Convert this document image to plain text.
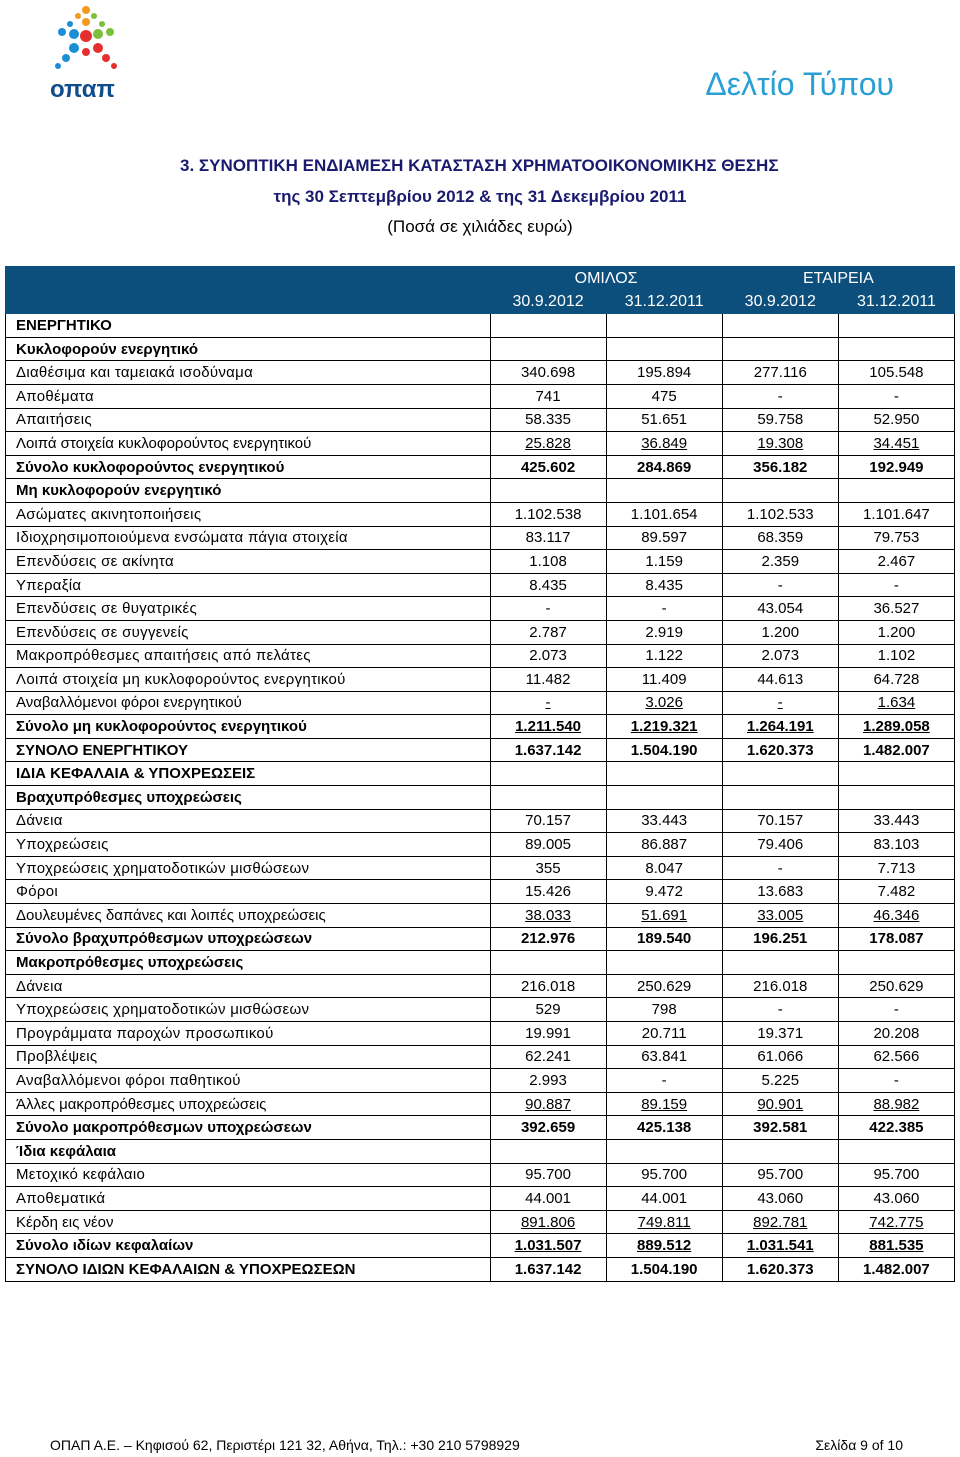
οπαπ	Δελτίο Τύπου
3. ΣΥΝΟΠΤΙΚΗ ΕΝΔΙΑΜΕΣΗ ΚΑΤΑΣΤΑΣΗ ΧΡΗΜΑΤΟΟΙΚΟΝΟΜΙΚΗΣ ΘΕΣΗΣ
της 30 Σεπτεμβρίου 2012 & της 31 Δεκεμβρίου 2011
(Ποσά σε χιλιάδες ευρώ)
	ΟΜΙΛΟΣ		ΕΤΑΙΡΕΙΑ	
	30.9.2012	31.12.2011	30.9.2012	31.12.2011
ΕΝΕΡΓΗΤΙΚΟ				
Κυκλοφορούν ενεργητικό				
Διαθέσιμα και ταμειακά ισοδύναμα	340.698	195.894	277.116	105.548
Αποθέματα	741	475	-	-
Απαιτήσεις	58.335	51.651	59.758	52.950
Λοιπά στοιχεία κυκλοφορούντος ενεργητικού	25.828	36.849	19.308	34.451
Σύνολο κυκλοφορούντος ενεργητικού	425.602	284.869	356.182	192.949
Μη κυκλοφορούν ενεργητικό				
Ασώματες ακινητοποιήσεις	1.102.538	1.101.654	1.102.533	1.101.647
Ιδιοχρησιμοποιούμενα ενσώματα πάγια στοιχεία	83.117	89.597	68.359	79.753
Επενδύσεις σε ακίνητα	1.108	1.159	2.359	2.467
Υπεραξία	8.435	8.435	-	-
Επενδύσεις σε θυγατρικές	-	-	43.054	36.527
Επενδύσεις σε συγγενείς	2.787	2.919	1.200	1.200
Μακροπρόθεσμες απαιτήσεις από πελάτες	2.073	1.122	2.073	1.102
Λοιπά στοιχεία μη κυκλοφορούντος ενεργητικού	11.482	11.409	44.613	64.728
Αναβαλλόμενοι φόροι ενεργητικού	-	3.026	-	1.634
Σύνολο μη κυκλοφορούντος ενεργητικού	1.211.540	1.219.321	1.264.191	1.289.058
ΣΥΝΟΛΟ ΕΝΕΡΓΗΤΙΚΟΥ	1.637.142	1.504.190	1.620.373	1.482.007
ΙΔΙΑ ΚΕΦΑΛΑΙΑ & ΥΠΟΧΡΕΩΣΕΙΣ				
Βραχυπρόθεσμες υποχρεώσεις				
Δάνεια	70.157	33.443	70.157	33.443
Υποχρεώσεις	89.005	86.887	79.406	83.103
Υποχρεώσεις χρηματοδοτικών μισθώσεων	355	8.047	-	7.713
Φόροι	15.426	9.472	13.683	7.482
Δουλευμένες δαπάνες και λοιπές υποχρεώσεις	38.033	51.691	33.005	46.346
Σύνολο βραχυπρόθεσμων υποχρεώσεων	212.976	189.540	196.251	178.087
Μακροπρόθεσμες υποχρεώσεις				
Δάνεια	216.018	250.629	216.018	250.629
Υποχρεώσεις χρηματοδοτικών μισθώσεων	529	798	-	-
Προγράμματα παροχών προσωπικού	19.991	20.711	19.371	20.208
Προβλέψεις	62.241	63.841	61.066	62.566
Αναβαλλόμενοι φόροι παθητικού	2.993	-	5.225	-
Άλλες μακροπρόθεσμες υποχρεώσεις	90.887	89.159	90.901	88.982
Σύνολο μακροπρόθεσμων υποχρεώσεων	392.659	425.138	392.581	422.385
Ίδια κεφάλαια				
Μετοχικό κεφάλαιο	95.700	95.700	95.700	95.700
Αποθεματικά	44.001	44.001	43.060	43.060
Κέρδη εις νέον	891.806	749.811	892.781	742.775
Σύνολο ιδίων κεφαλαίων	1.031.507	889.512	1.031.541	881.535
ΣΥΝΟΛΟ ΙΔΙΩΝ ΚΕΦΑΛΑΙΩΝ & ΥΠΟΧΡΕΩΣΕΩΝ	1.637.142	1.504.190	1.620.373	1.482.007
ΟΠΑΠ Α.Ε. – Κηφισού 62, Περιστέρι 121 32, Αθήνα, Τηλ.: +30 210 5798929	Σελίδα 9 of 10
